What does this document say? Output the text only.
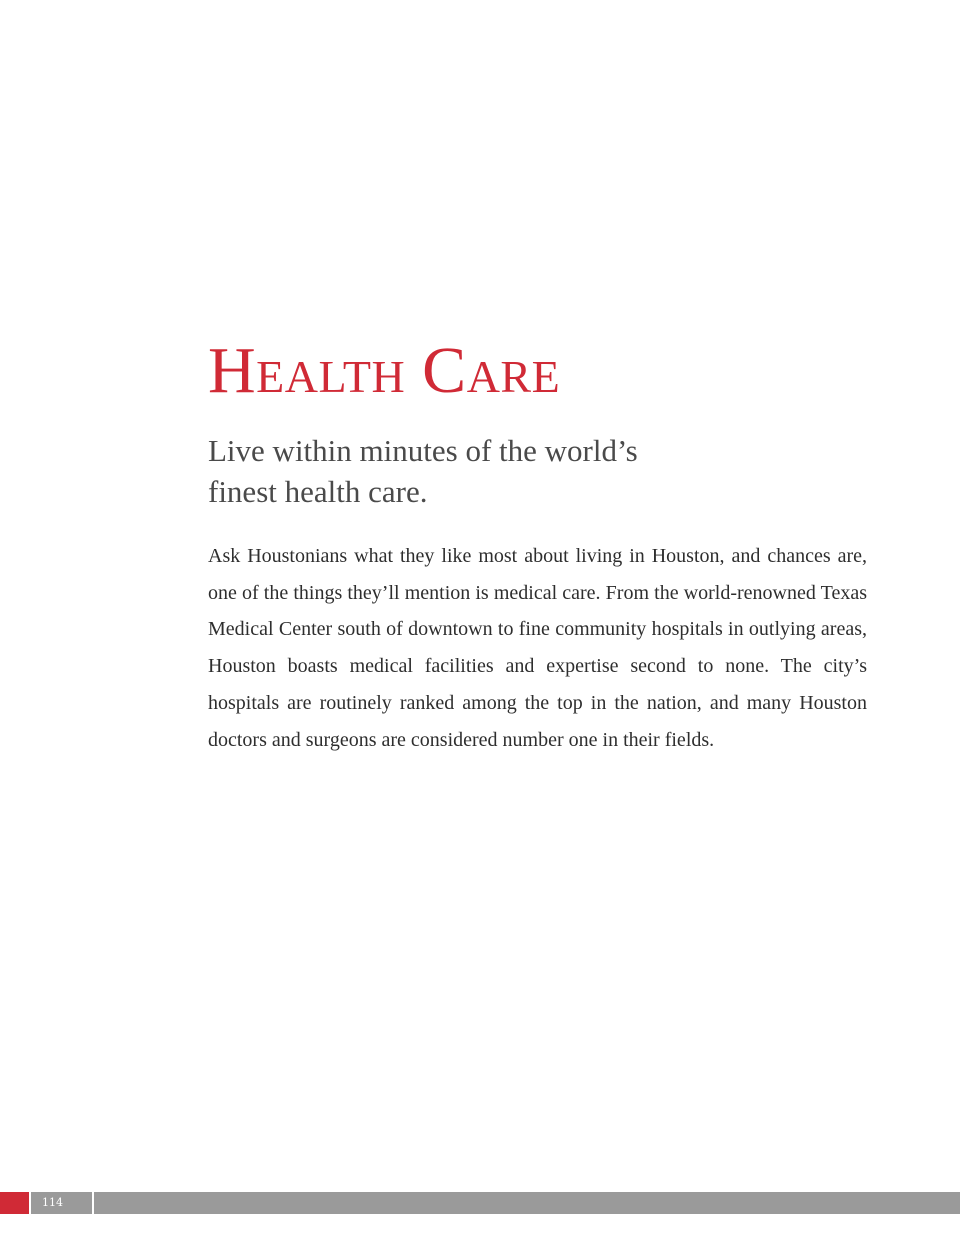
Health Care
Live within minutes of the world’s finest health care.

Ask Houstonians what they like most about living in Houston, and chances are, one of the things they’ll mention is medical care. From the world-renowned Texas Medical Center south of downtown to fine community hospitals in outlying areas, Houston boasts medical facilities and expertise second to none. The city’s hospitals are routinely ranked among the top in the nation, and many Houston doctors and surgeons are considered number one in their fields.

114
